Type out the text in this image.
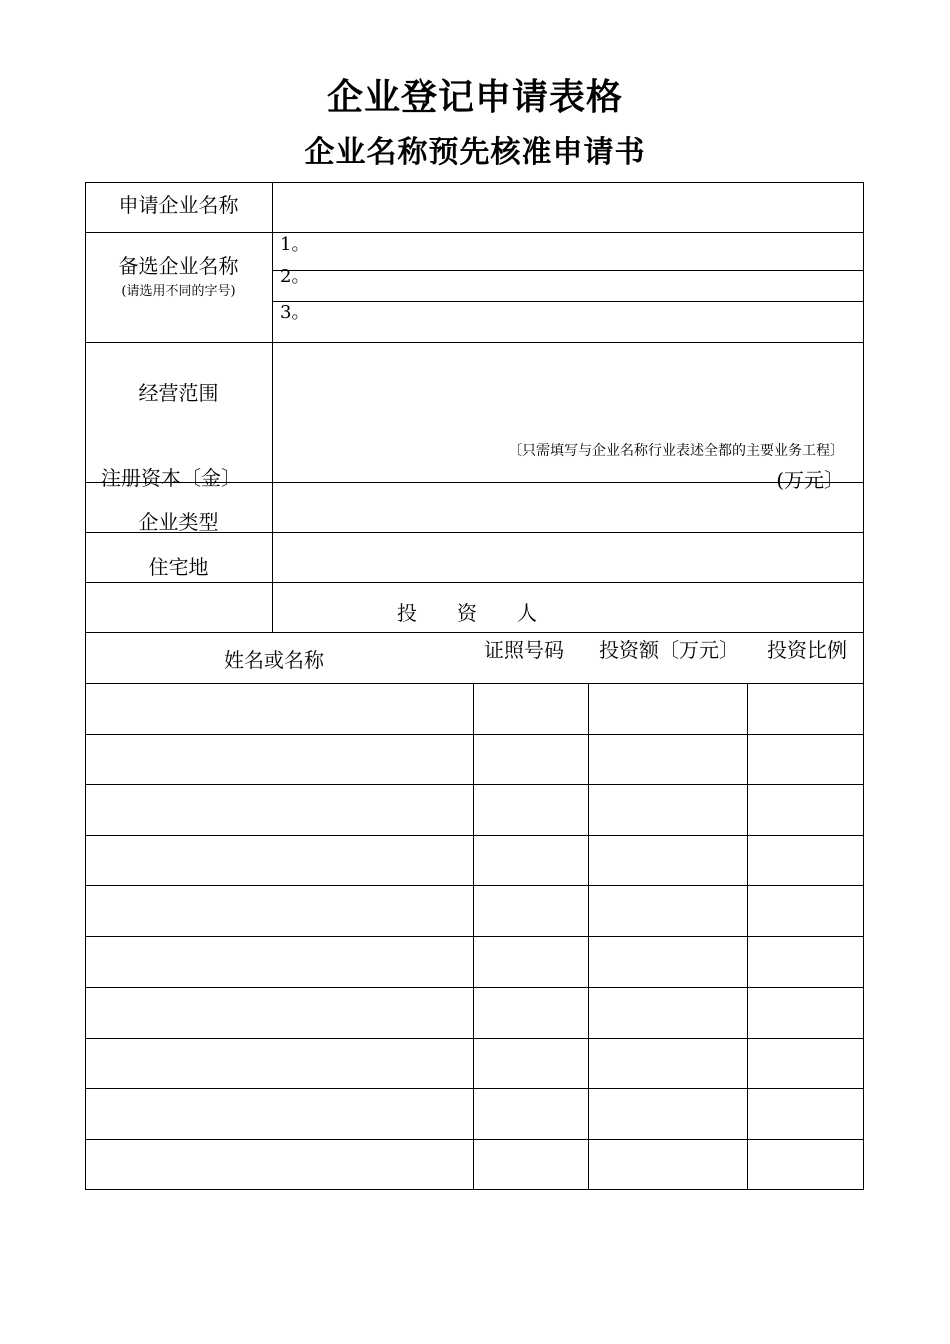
企业登记申请表格
企业名称预先核准申请书
申请企业名称
备选企业名称
(请选用不同的字号)
1。
2。
3。
经营范围
〔只需填写与企业名称行业表述全都的主要业务工程〕
注册资本〔金〕	(万元〕
企业类型
住宅地
投　　资　　人
姓名或名称	证照号码 投资额〔万元〕 投资比例
